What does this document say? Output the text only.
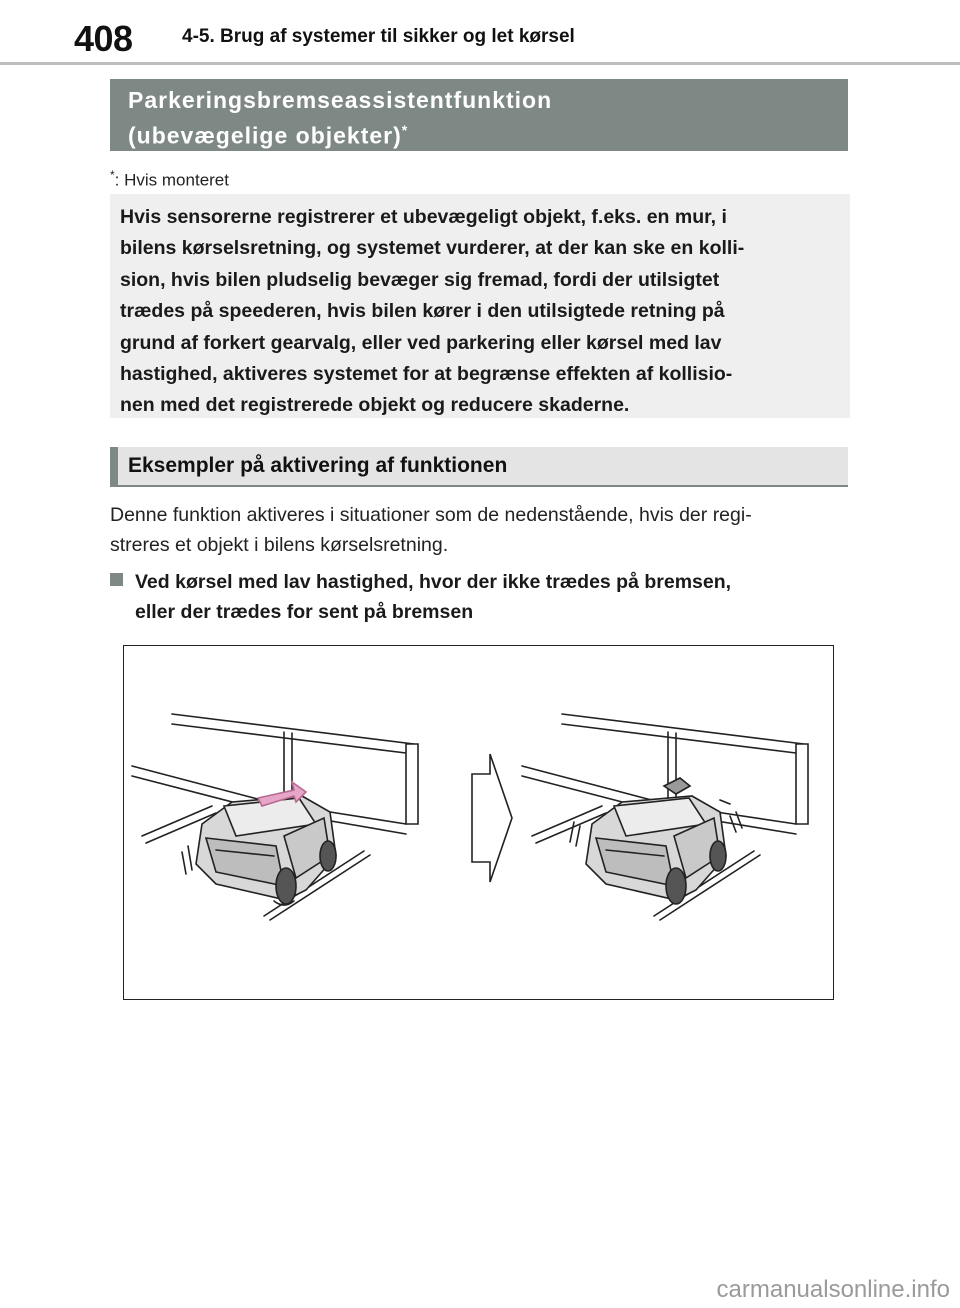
408	4-5. Brug af systemer til sikker og let kørsel
Parkeringsbremseassistentfunktion
(ubevægelige objekter)*
*: Hvis monteret
Hvis sensorerne registrerer et ubevægeligt objekt, f.eks. en mur, i
bilens kørselsretning, og systemet vurderer, at der kan ske en kolli-
sion, hvis bilen pludselig bevæger sig fremad, fordi der utilsigtet
trædes på speederen, hvis bilen kører i den utilsigtede retning på
grund af forkert gearvalg, eller ved parkering eller kørsel med lav
hastighed, aktiveres systemet for at begrænse effekten af kollisio-
nen med det registrerede objekt og reducere skaderne.
Eksempler på aktivering af funktionen
Denne funktion aktiveres i situationer som de nedenstående, hvis der regi-
streres et objekt i bilens kørselsretning.
Ved kørsel med lav hastighed, hvor der ikke trædes på bremsen,
eller der trædes for sent på bremsen
carmanualsonline.info
